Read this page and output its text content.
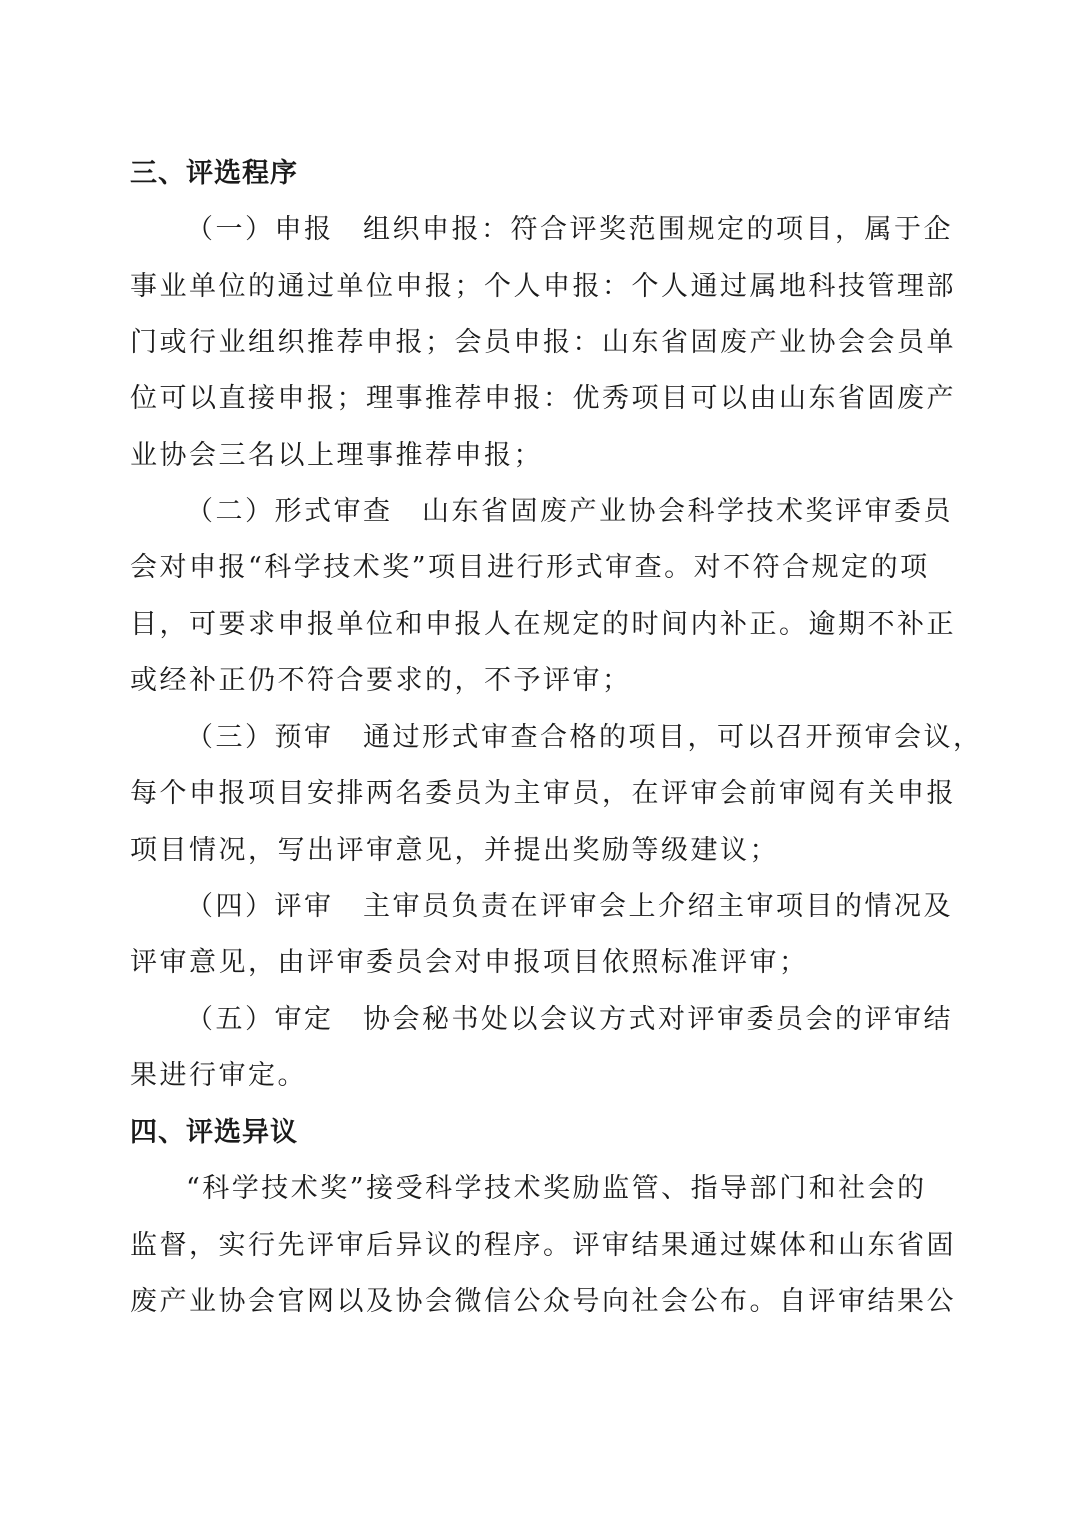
三、评选程序
（一）申报　组织申报：符合评奖范围规定的项目，属于企
事业单位的通过单位申报；个人申报：个人通过属地科技管理部
门或行业组织推荐申报；会员申报：山东省固废产业协会会员单
位可以直接申报；理事推荐申报：优秀项目可以由山东省固废产
业协会三名以上理事推荐申报；
（二）形式审查　山东省固废产业协会科学技术奖评审委员
会对申报“科学技术奖”项目进行形式审查。对不符合规定的项
目，可要求申报单位和申报人在规定的时间内补正。逾期不补正
或经补正仍不符合要求的，不予评审；
（三）预审　通过形式审查合格的项目，可以召开预审会议，
每个申报项目安排两名委员为主审员，在评审会前审阅有关申报
项目情况，写出评审意见，并提出奖励等级建议；
（四）评审　主审员负责在评审会上介绍主审项目的情况及
评审意见，由评审委员会对申报项目依照标准评审；
（五）审定　协会秘书处以会议方式对评审委员会的评审结
果进行审定。
四、评选异议
“科学技术奖”接受科学技术奖励监管、指导部门和社会的
监督，实行先评审后异议的程序。评审结果通过媒体和山东省固
废产业协会官网以及协会微信公众号向社会公布。自评审结果公
